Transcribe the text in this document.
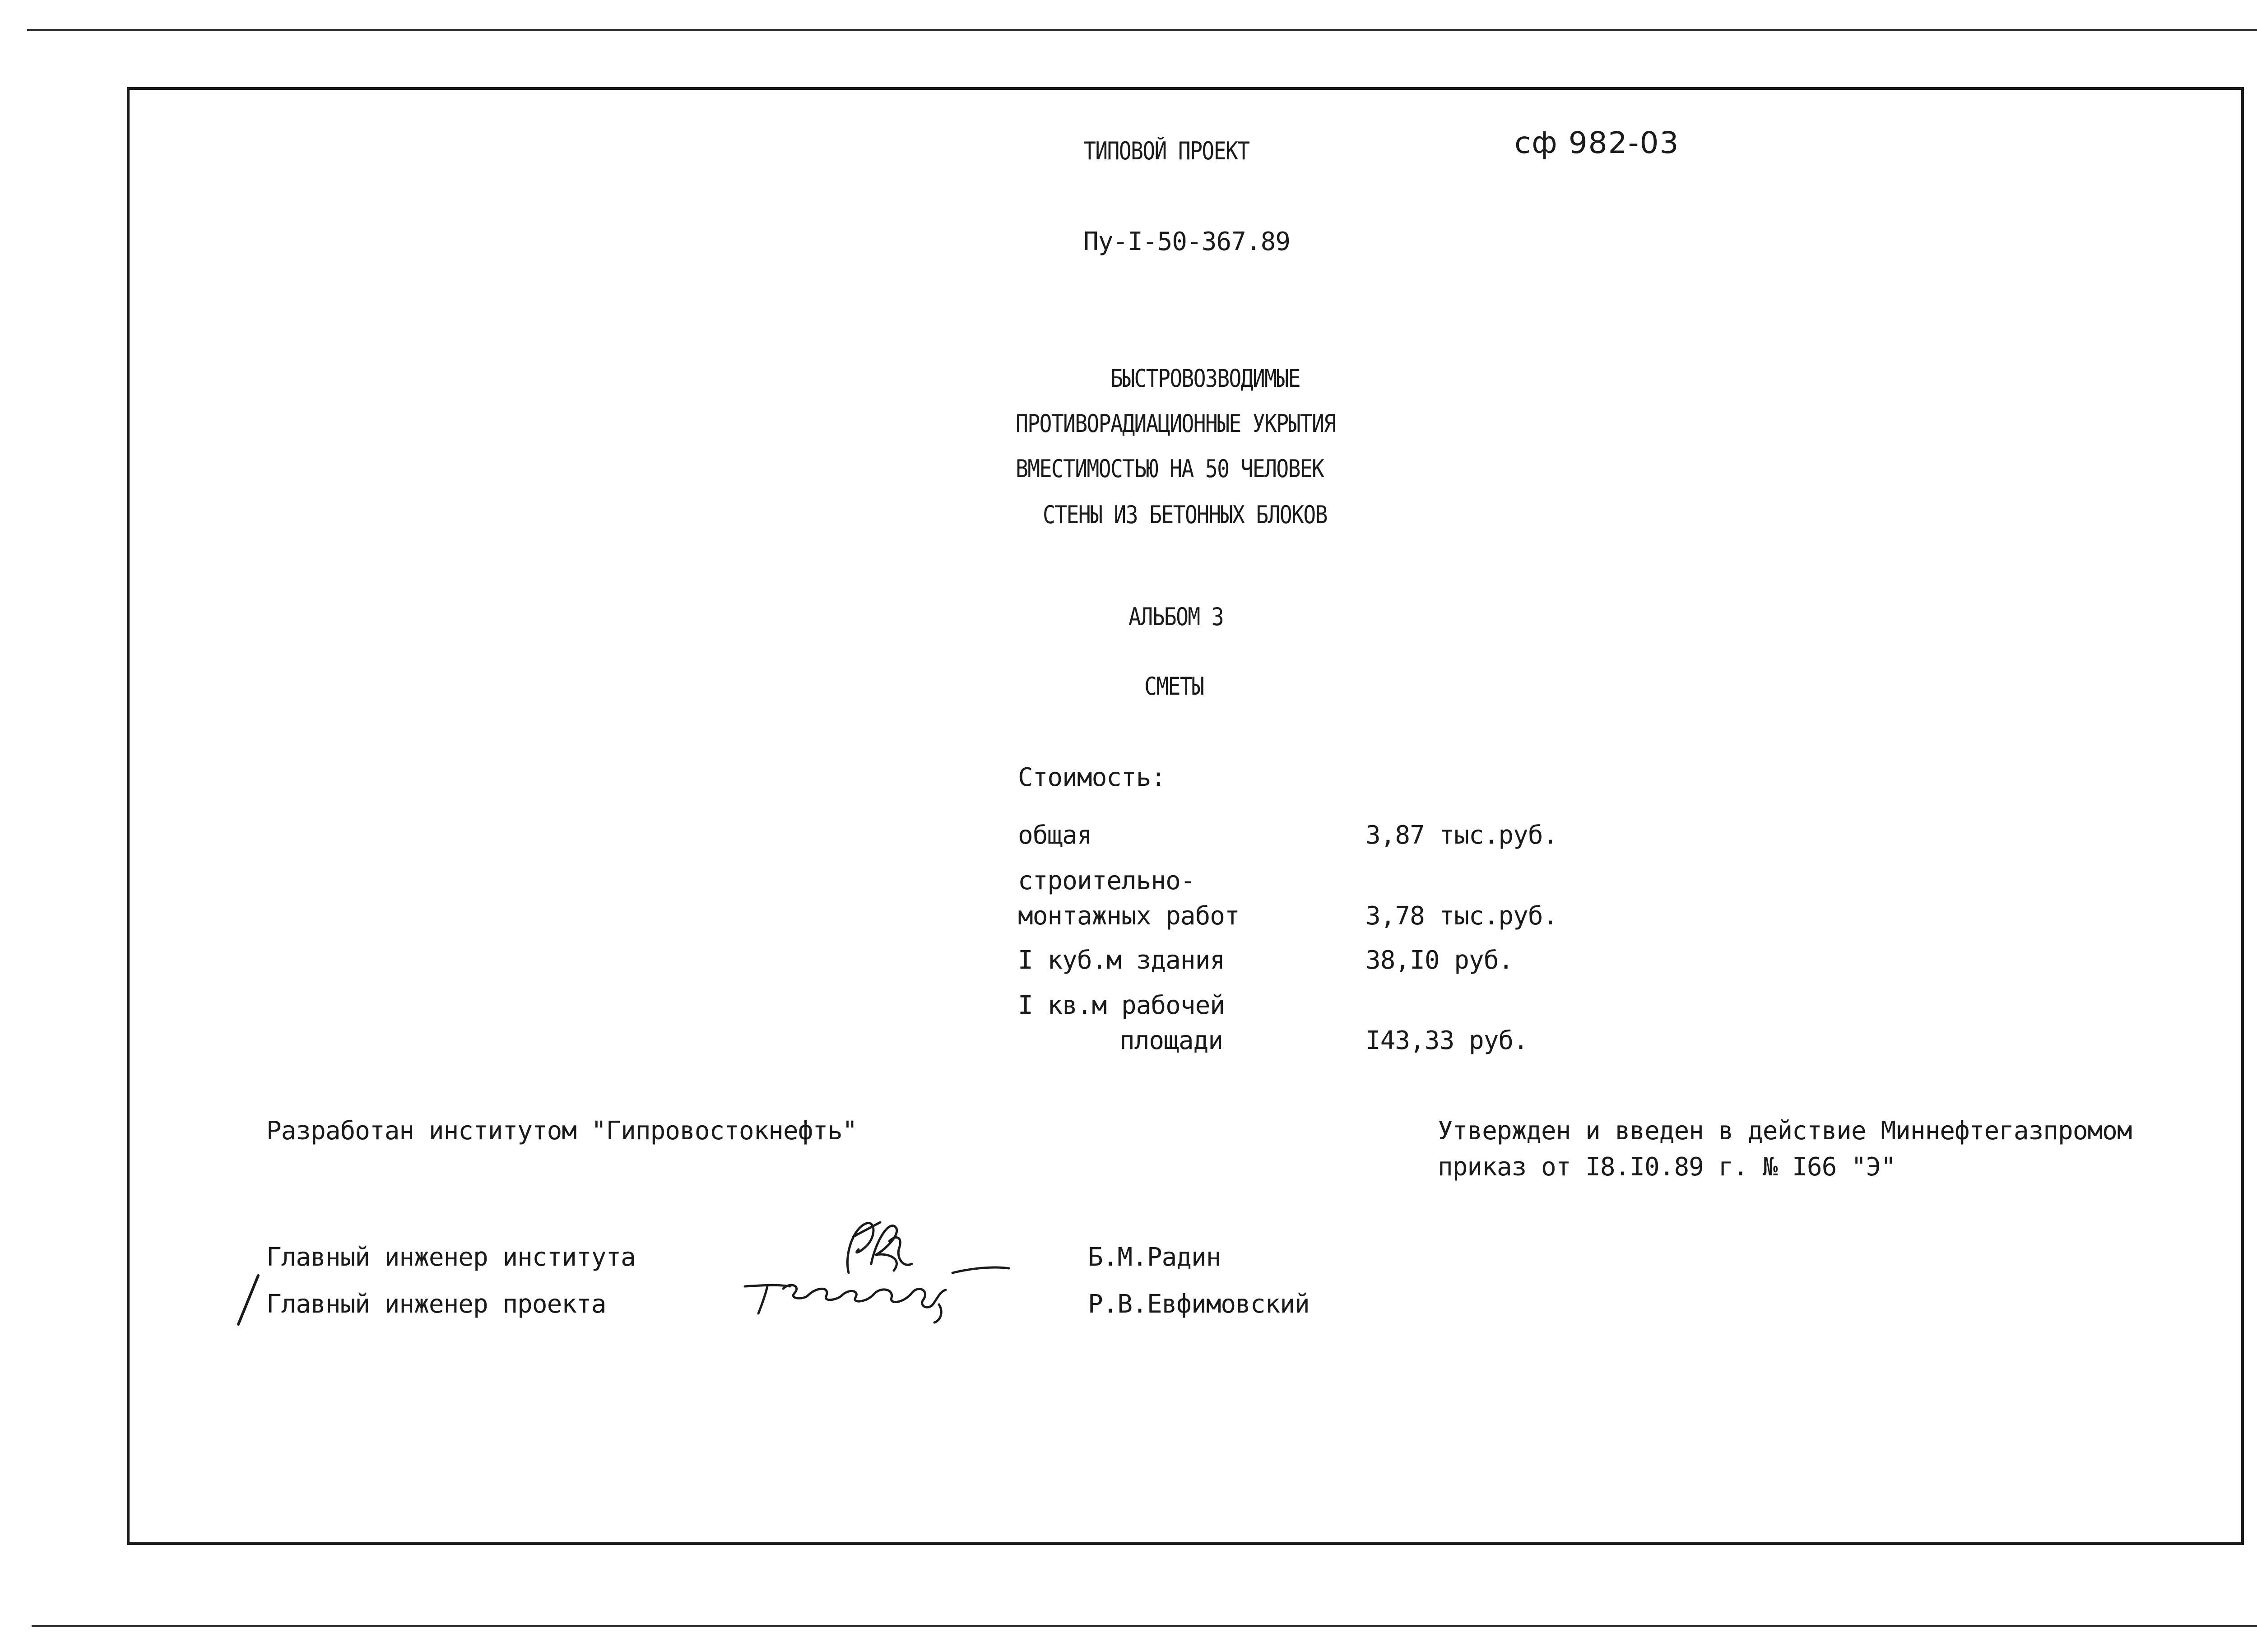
ТИПОВОЙ ПРОЕКТ	сф 982-03
Пу-I-50-367.89
БЫСТРОВОЗВОДИМЫЕ
ПРОТИВОРАДИАЦИОННЫЕ УКРЫТИЯ
ВМЕСТИМОСТЬЮ НА 50 ЧЕЛОВЕК
СТЕНЫ ИЗ БЕТОННЫХ БЛОКОВ
АЛЬБОМ 3
СМЕТЫ
Стоимость:
общая	3,87 тыс.руб.
строительно-
монтажных работ	3,78 тыс.руб.
I куб.м здания	38,I0 руб.
I кв.м рабочей
площади	I43,33 руб.
Разработан институтом "Гипровостокнефть"	Утвержден и введен в действие Миннефтегазпромом
приказ от I8.I0.89 г. № I66 "Э"
Главный инженер института	Б.М.Радин
Главный инженер проекта	Р.В.Евфимовский
